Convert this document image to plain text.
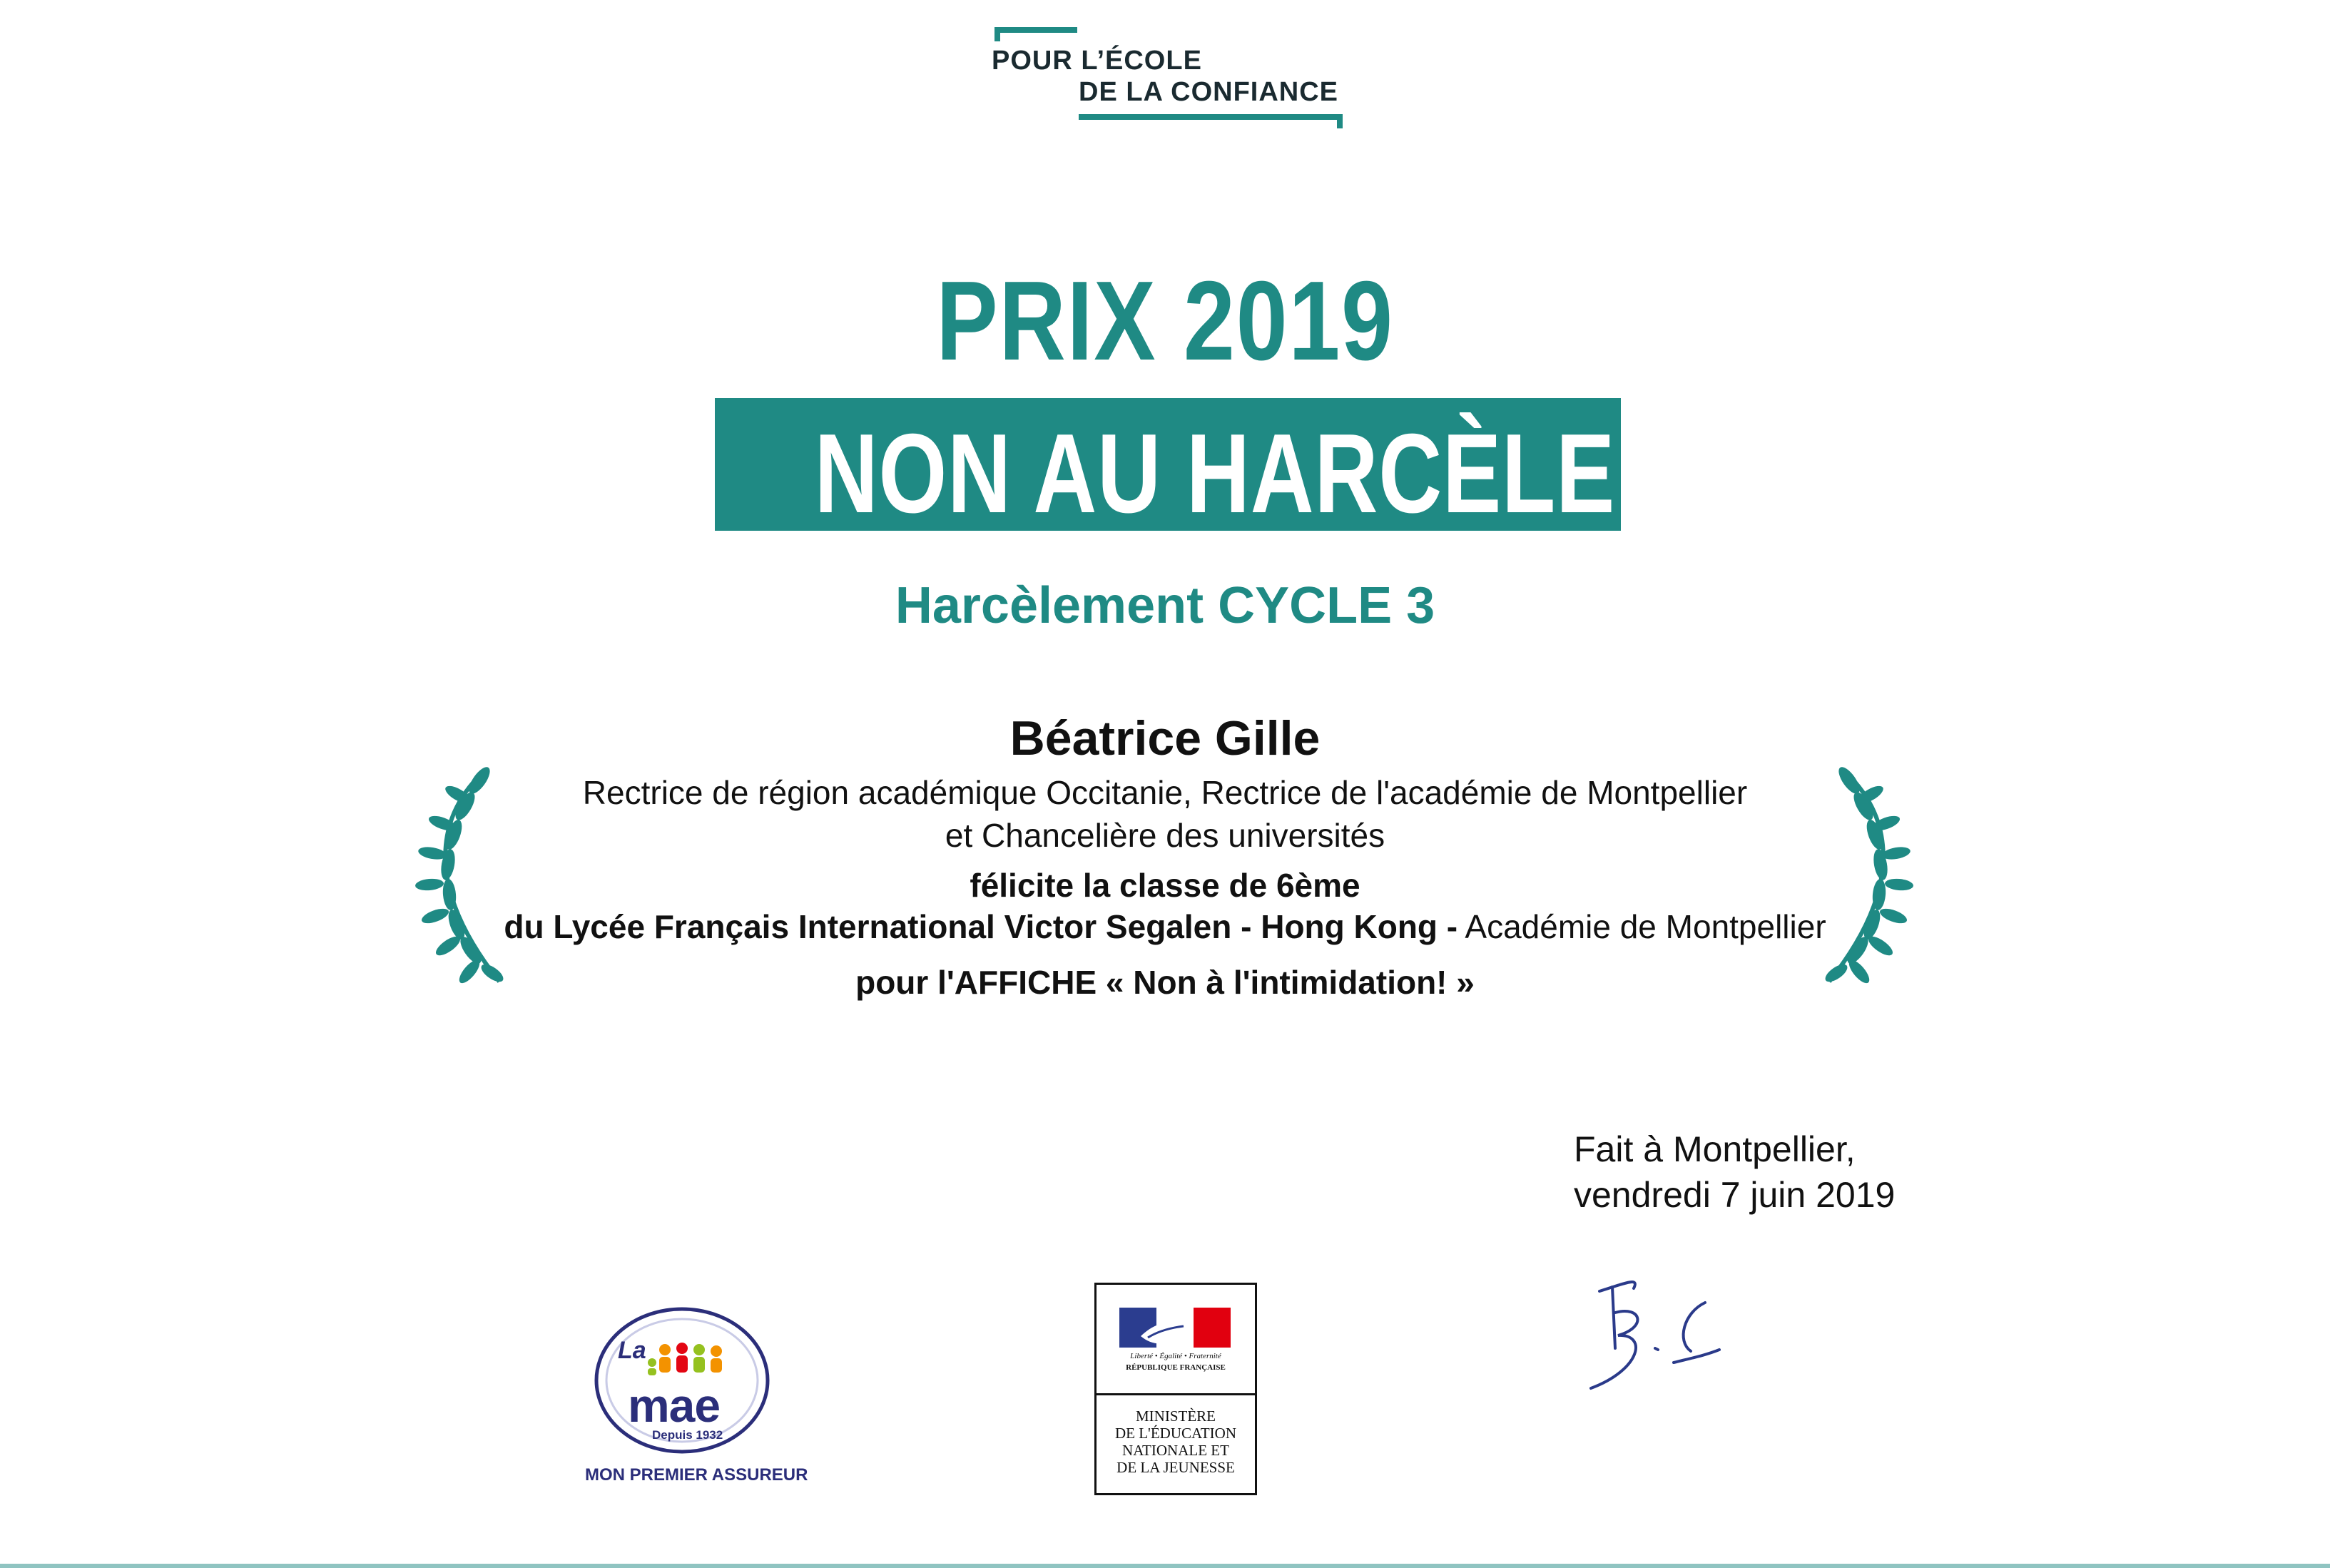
POUR L’ÉCOLE
DE LA CONFIANCE
PRIX 2019
NON AU HARCÈLEMENT
Harcèlement CYCLE 3
Béatrice Gille
Rectrice de région académique Occitanie, Rectrice de l'académie de Montpellier
et Chancelière des universités
félicite la classe de 6ème
du Lycée Français International Victor Segalen - Hong Kong - Académie de Montpellier
pour l'AFFICHE « Non à l'intimidation! »
Fait à Montpellier,
vendredi 7 juin 2019
La
mae
Depuis 1932
MON PREMIER ASSUREUR
Liberté • Égalité • Fraternité
RÉPUBLIQUE FRANÇAISE
MINISTÈRE
DE L'ÉDUCATION
NATIONALE ET
DE LA JEUNESSE
